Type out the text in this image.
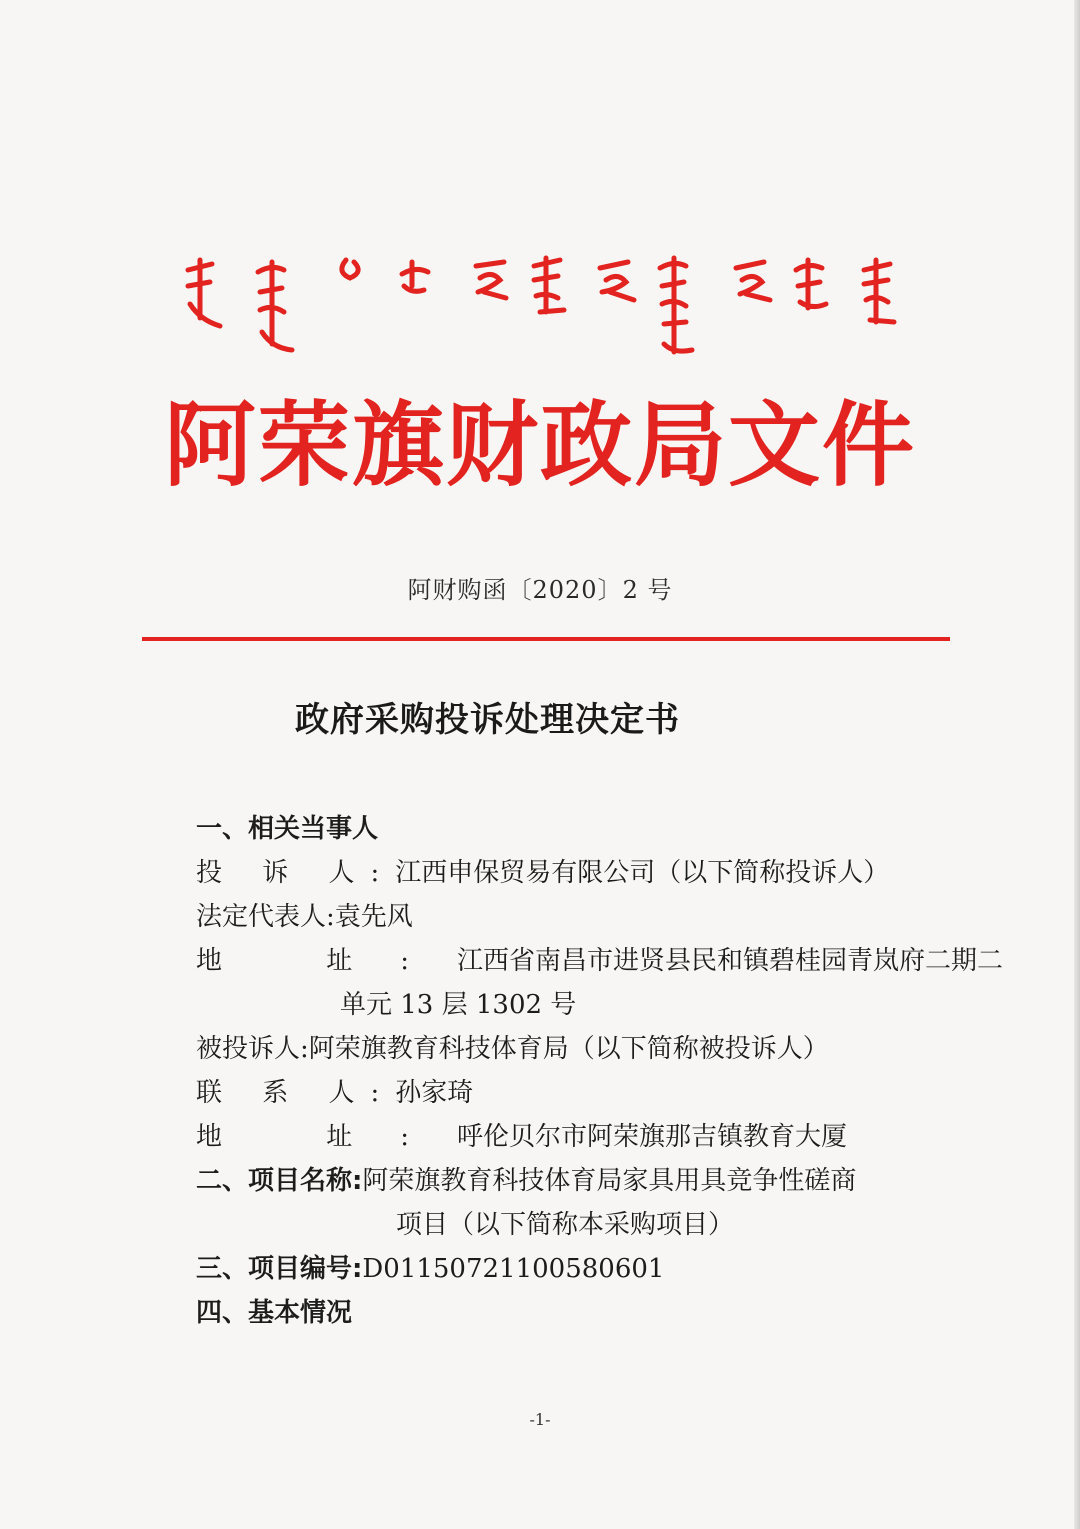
阿荣旗财政局文件
阿财购函〔2020〕2 号
政府采购投诉处理决定书
一、相关当事人
投 诉 人:江西申保贸易有限公司（以下简称投诉人）
法定代表人:袁先风
地 址:江西省南昌市进贤县民和镇碧桂园青岚府二期二
单元 13 层 1302 号
被投诉人:阿荣旗教育科技体育局（以下简称被投诉人）
联 系 人:孙家琦
地 址:呼伦贝尔市阿荣旗那吉镇教育大厦
二、项目名称:阿荣旗教育科技体育局家具用具竞争性磋商
项目（以下简称本采购项目）
三、项目编号:D01150721100580601
四、基本情况
-1-
